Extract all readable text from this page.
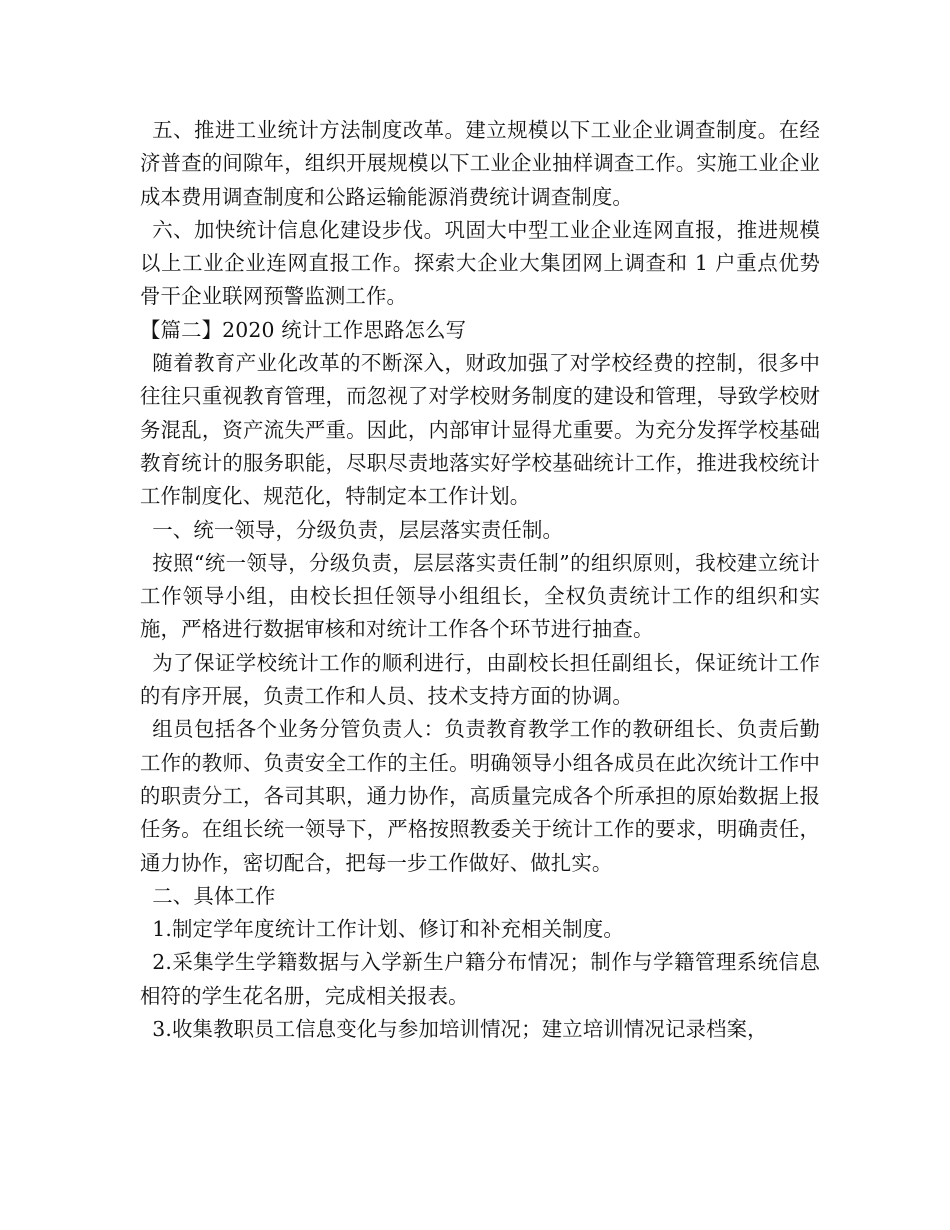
五、推进工业统计方法制度改革。建立规模以下工业企业调查制度。在经济普查的间隙年，组织开展规模以下工业企业抽样调查工作。实施工业企业成本费用调查制度和公路运输能源消费统计调查制度。

六、加快统计信息化建设步伐。巩固大中型工业企业连网直报，推进规模以上工业企业连网直报工作。探索大企业大集团网上调查和 1 户重点优势骨干企业联网预警监测工作。

【篇二】2020 统计工作思路怎么写

随着教育产业化改革的不断深入，财政加强了对学校经费的控制，很多中往往只重视教育管理，而忽视了对学校财务制度的建设和管理，导致学校财务混乱，资产流失严重。因此，内部审计显得尤重要。为充分发挥学校基础教育统计的服务职能，尽职尽责地落实好学校基础统计工作，推进我校统计工作制度化、规范化，特制定本工作计划。

一、统一领导，分级负责，层层落实责任制。

按照“统一领导，分级负责，层层落实责任制”的组织原则，我校建立统计工作领导小组，由校长担任领导小组组长，全权负责统计工作的组织和实施，严格进行数据审核和对统计工作各个环节进行抽查。

为了保证学校统计工作的顺利进行，由副校长担任副组长，保证统计工作的有序开展，负责工作和人员、技术支持方面的协调。

组员包括各个业务分管负责人：负责教育教学工作的教研组长、负责后勤工作的教师、负责安全工作的主任。明确领导小组各成员在此次统计工作中的职责分工，各司其职，通力协作，高质量完成各个所承担的原始数据上报任务。在组长统一领导下，严格按照教委关于统计工作的要求，明确责任，通力协作，密切配合，把每一步工作做好、做扎实。

二、具体工作

1.制定学年度统计工作计划、修订和补充相关制度。

2.采集学生学籍数据与入学新生户籍分布情况；制作与学籍管理系统信息相符的学生花名册，完成相关报表。

3.收集教职员工信息变化与参加培训情况；建立培训情况记录档案，
